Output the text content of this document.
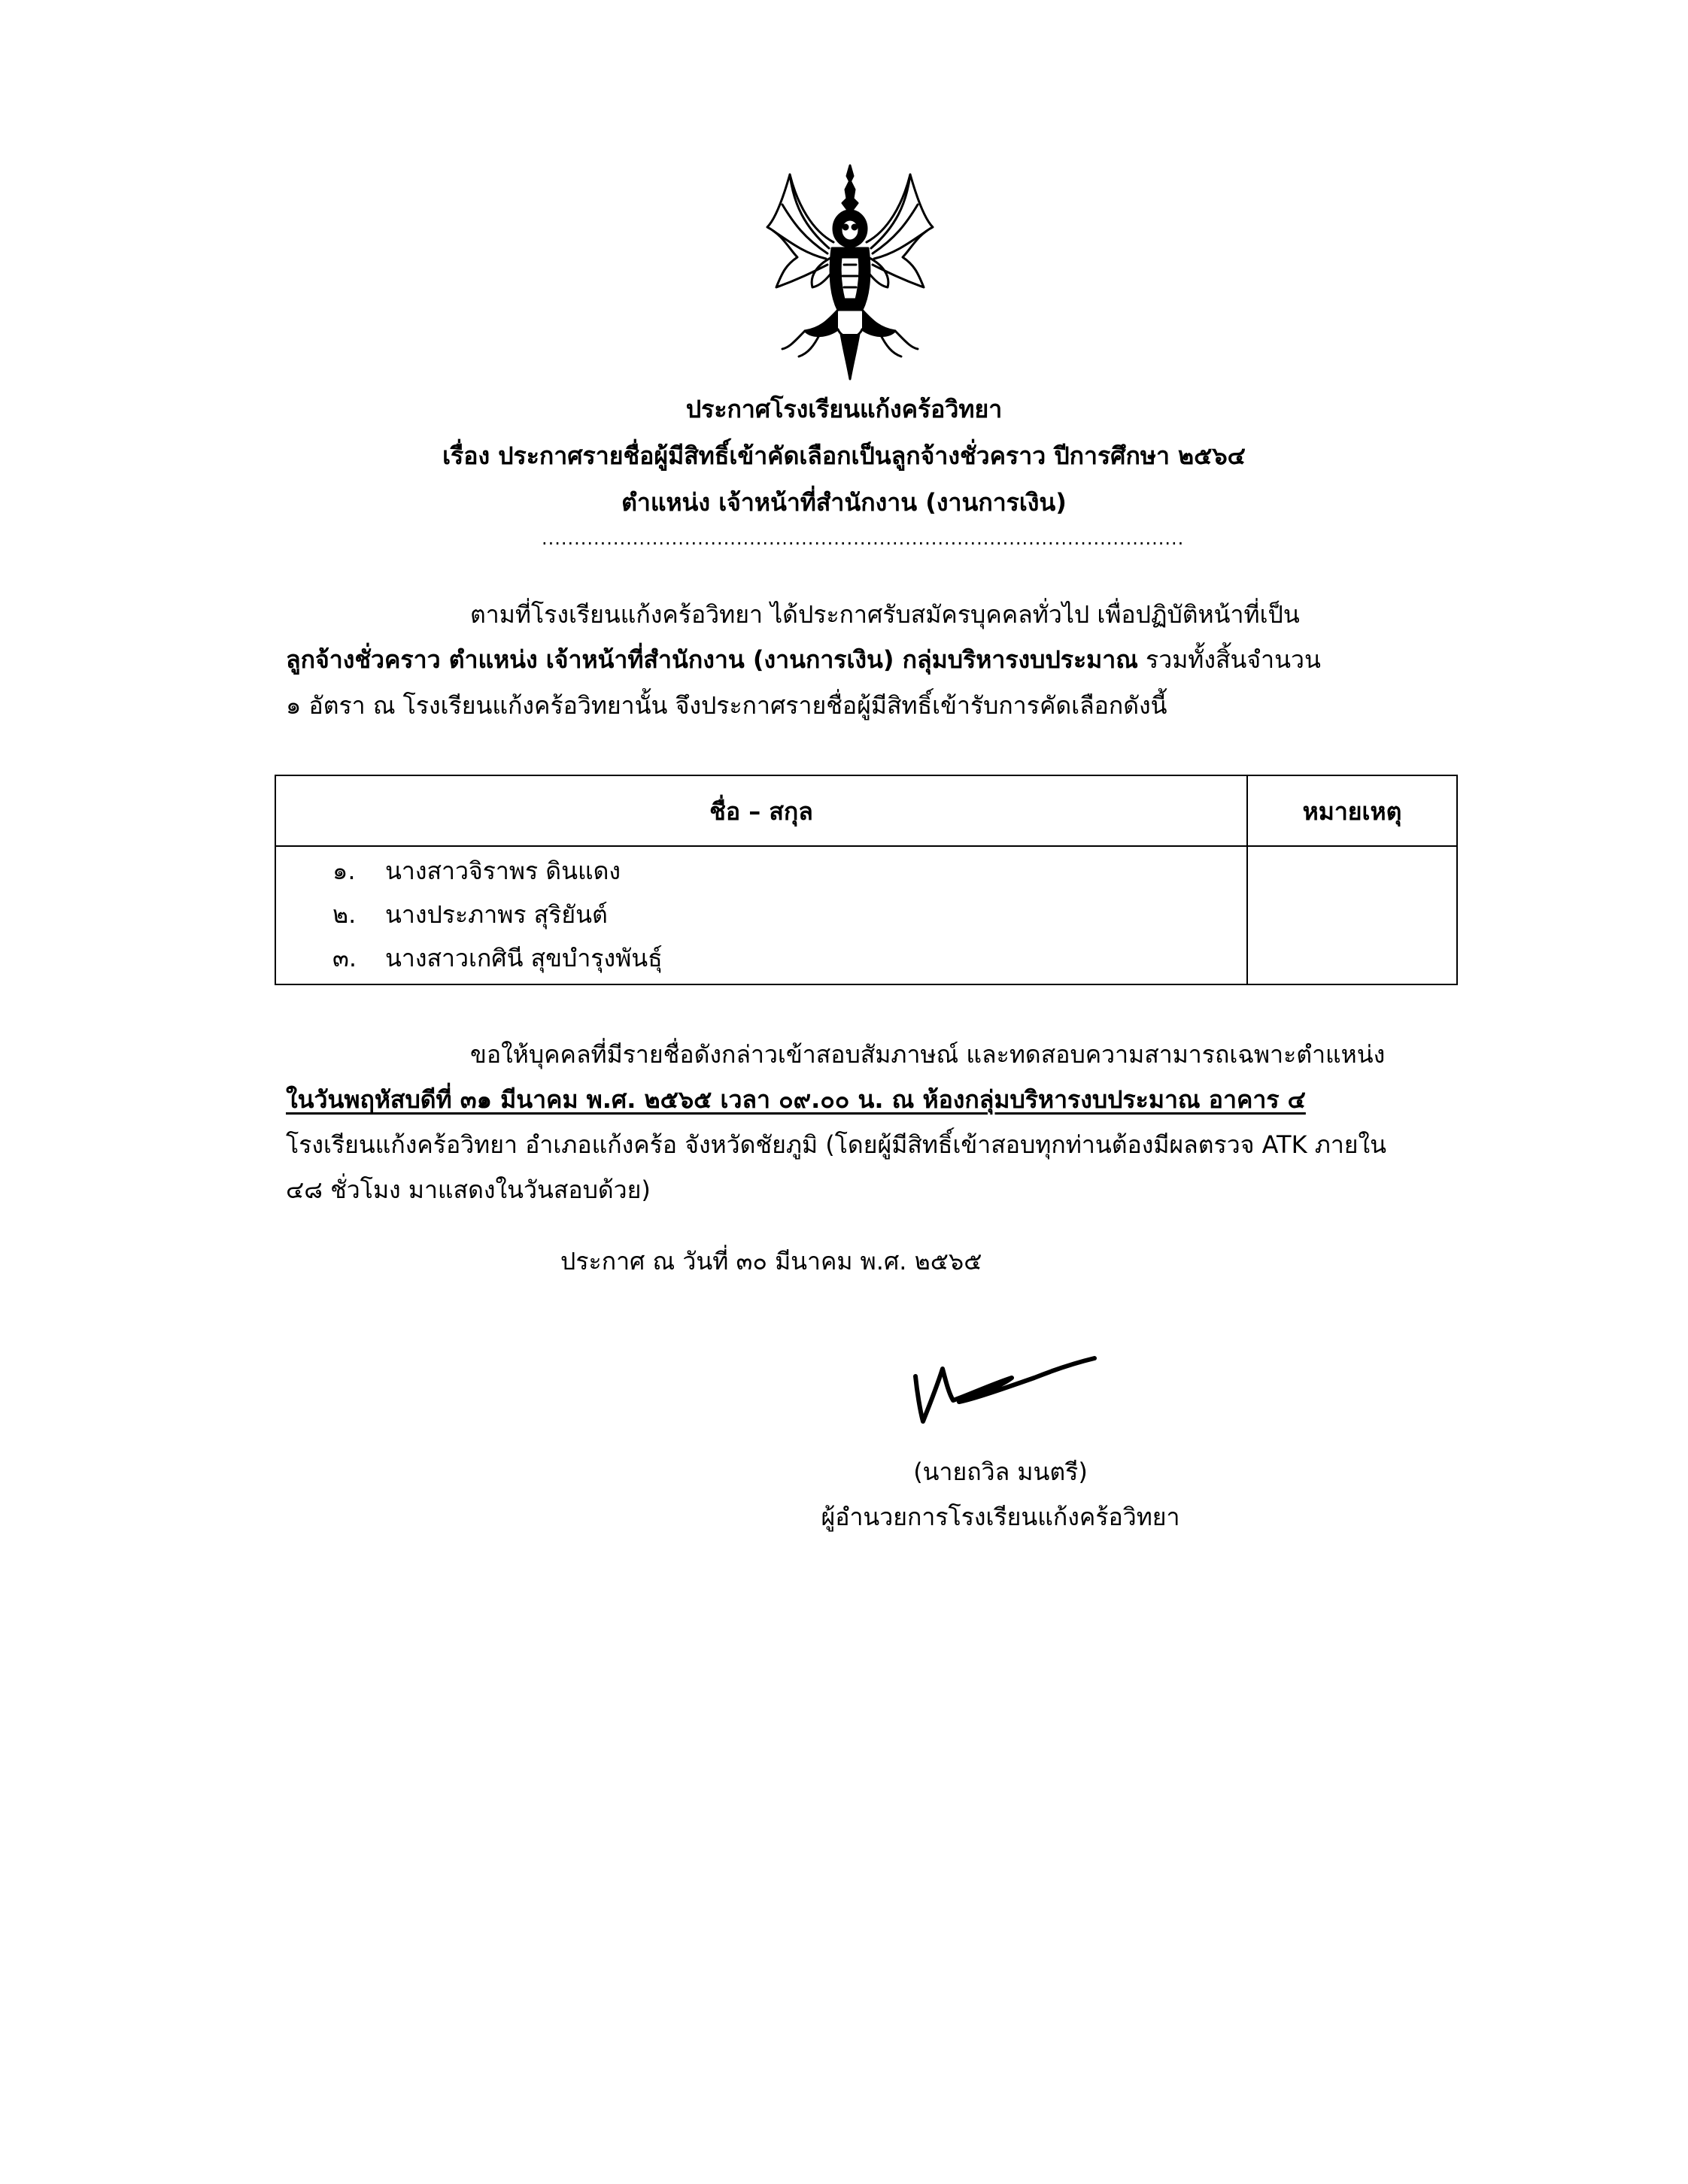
ประกาศโรงเรียนแก้งคร้อวิทยา
เรื่อง ประกาศรายชื่อผู้มีสิทธิ์เข้าคัดเลือกเป็นลูกจ้างชั่วคราว ปีการศึกษา ๒๕๖๔
ตำแหน่ง เจ้าหน้าที่สำนักงาน (งานการเงิน)
...................................................................................................
ตามที่โรงเรียนแก้งคร้อวิทยา ได้ประกาศรับสมัครบุคคลทั่วไป เพื่อปฏิบัติหน้าที่เป็น
ลูกจ้างชั่วคราว ตำแหน่ง เจ้าหน้าที่สำนักงาน (งานการเงิน) กลุ่มบริหารงบประมาณ รวมทั้งสิ้นจำนวน
๑ อัตรา ณ โรงเรียนแก้งคร้อวิทยานั้น จึงประกาศรายชื่อผู้มีสิทธิ์เข้ารับการคัดเลือกดังนี้
ชื่อ – สกุล	หมายเหตุ
๑. นางสาวจิราพร ดินแดง
๒. นางประภาพร สุริยันต์
๓. นางสาวเกศินี สุขบำรุงพันธุ์
ขอให้บุคคลที่มีรายชื่อดังกล่าวเข้าสอบสัมภาษณ์ และทดสอบความสามารถเฉพาะตำแหน่ง
ในวันพฤหัสบดีที่ ๓๑ มีนาคม พ.ศ. ๒๕๖๕ เวลา ๐๙.๐๐ น. ณ ห้องกลุ่มบริหารงบประมาณ อาคาร ๔
โรงเรียนแก้งคร้อวิทยา อำเภอแก้งคร้อ จังหวัดชัยภูมิ (โดยผู้มีสิทธิ์เข้าสอบทุกท่านต้องมีผลตรวจ ATK ภายใน
๔๘ ชั่วโมง มาแสดงในวันสอบด้วย)
ประกาศ ณ วันที่ ๓๐ มีนาคม พ.ศ. ๒๕๖๕
(นายถวิล มนตรี)
ผู้อำนวยการโรงเรียนแก้งคร้อวิทยา
